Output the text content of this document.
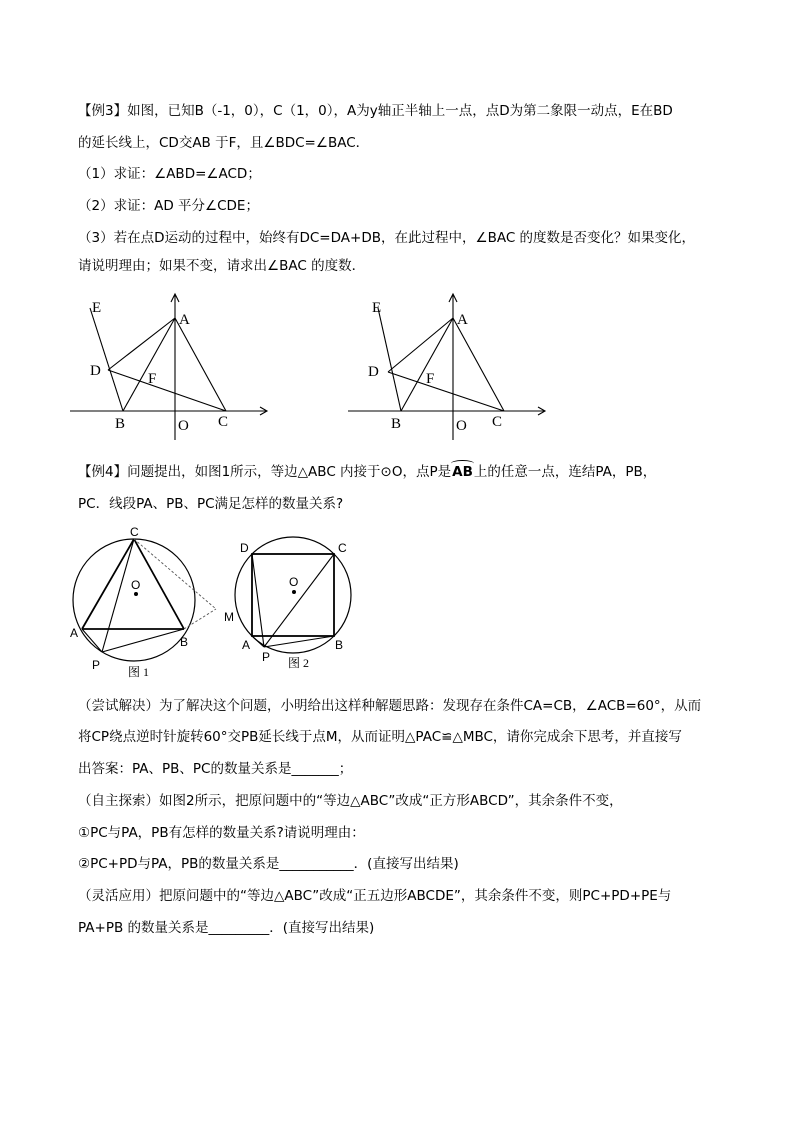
【例3】如图，已知B（-1，0），C（1，0），A为y轴正半轴上一点，点D为第二象限一动点，E在BD
的延长线上，CD交AB 于F，且∠BDC=∠BAC．
（1）求证：∠ABD=∠ACD；
（2）求证：AD 平分∠CDE；
（3）若在点D运动的过程中，始终有DC=DA+DB，在此过程中，∠BAC 的度数是否变化？如果变化，
请说明理由；如果不变，请求出∠BAC 的度数．
E
A
D	F
B	O C
E
A
D	F
B	O C
【例4】问题提出，如图1所示，等边△ABC 内接于⊙O，点P是
AB上的任意一点，连结PA，PB，
PC．线段PA、PB、PC满足怎样的数量关系?
C
O
A
B
P
M
图 1
D	C
O
A	B
P 图 2
（尝试解决）为了解决这个问题，小明给出这样种解题思路：发现存在条件CA=CB，∠ACB=60°，从而
将CP绕点逆时针旋转60°交PB延长线于点M，从而证明△PAC≌△MBC，请你完成余下思考，并直接写
出答案：PA、PB、PC的数量关系是_______；
（自主探索）如图2所示，把原问题中的“等边△ABC”改成“正方形ABCD”，其余条件不变，
①PC与PA，PB有怎样的数量关系?请说明理由：
②PC+PD与PA，PB的数量关系是___________．(直接写出结果)
（灵活应用）把原问题中的“等边△ABC”改成“正五边形ABCDE”，其余条件不变，则PC+PD+PE与
PA+PB 的数量关系是_________．(直接写出结果)
